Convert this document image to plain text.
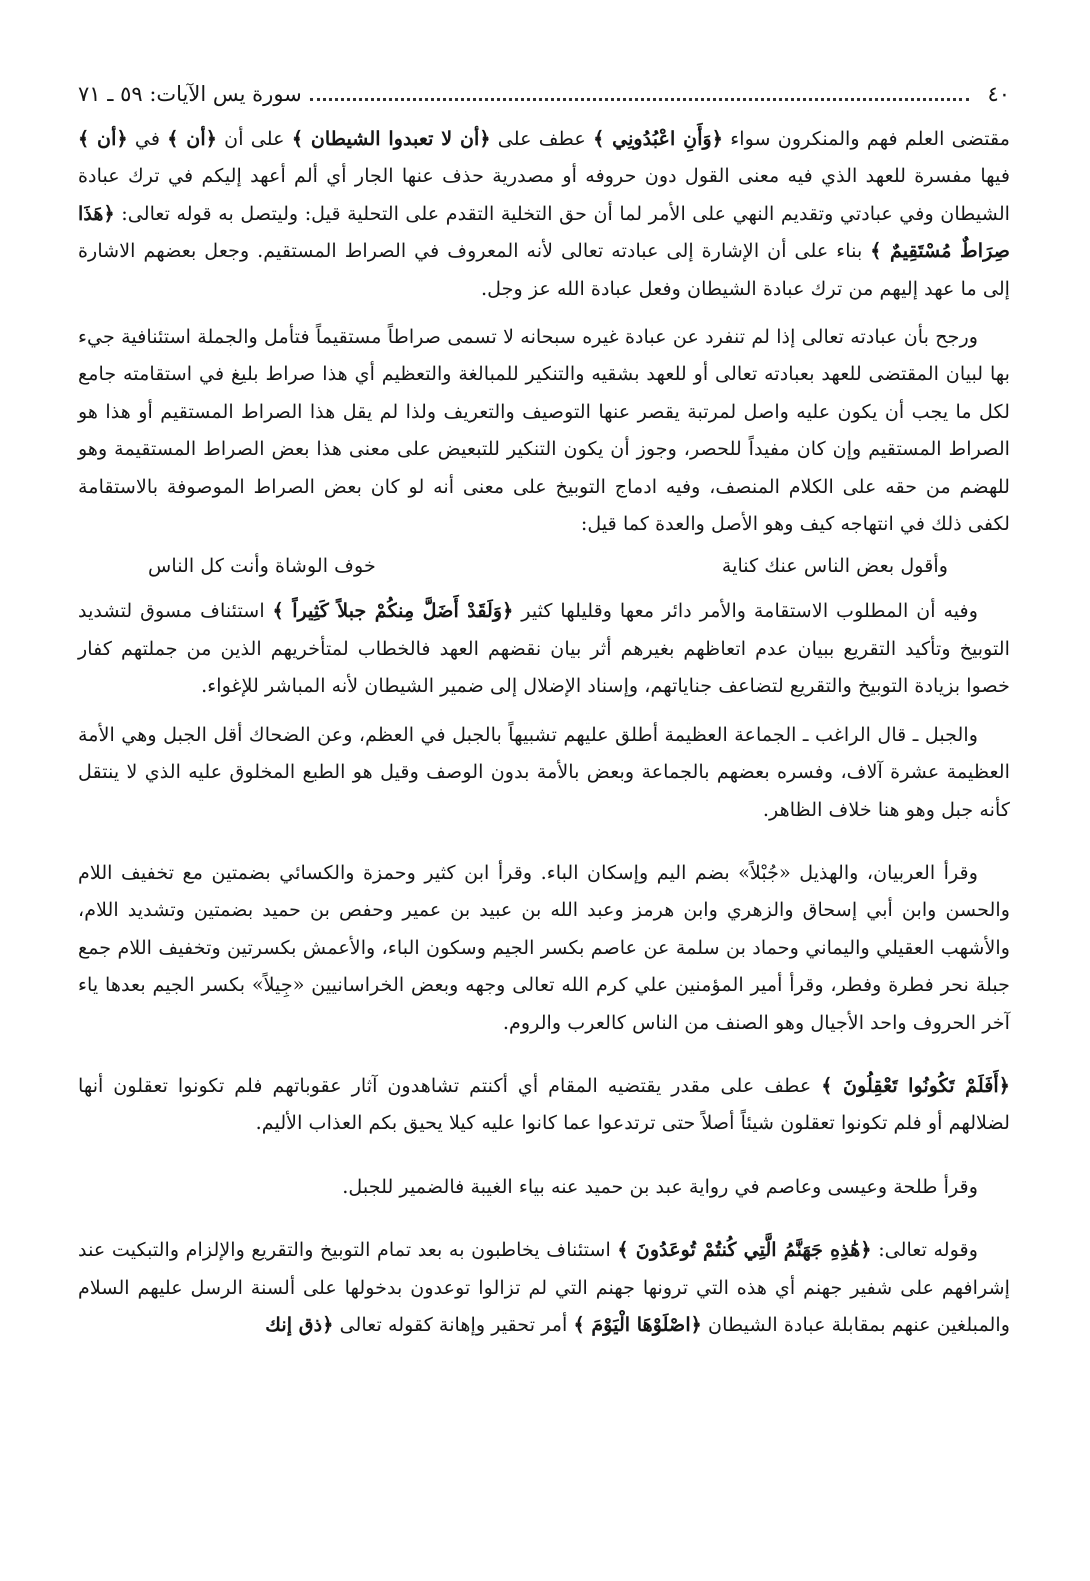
٤٠
سورة يس الآيات: ٥٩ ـ ٧١

مقتضى العلم فهم والمنكرون سواء ﴿وَأَنِ اعْبُدُونِي ﴾ عطف على ﴿أن لا تعبدوا الشيطان ﴾ على أن ﴿أن ﴾ في ﴿أن ﴾ فيها مفسرة للعهد الذي فيه معنى القول دون حروفه أو مصدرية حذف عنها الجار أي ألم أعهد إليكم في ترك عبادة الشيطان وفي عبادتي وتقديم النهي على الأمر لما أن حق التخلية التقدم على التحلية قيل: وليتصل به قوله تعالى: ﴿هَذَا صِرَاطٌ مُسْتَقِيمٌ ﴾ بناء على أن الإشارة إلى عبادته تعالى لأنه المعروف في الصراط المستقيم. وجعل بعضهم الاشارة إلى ما عهد إليهم من ترك عبادة الشيطان وفعل عبادة الله عز وجل.

ورجح بأن عبادته تعالى إذا لم تنفرد عن عبادة غيره سبحانه لا تسمى صراطاً مستقيماً فتأمل والجملة استئنافية جيء بها لبيان المقتضى للعهد بعبادته تعالى أو للعهد بشقيه والتنكير للمبالغة والتعظيم أي هذا صراط بليغ في استقامته جامع لكل ما يجب أن يكون عليه واصل لمرتبة يقصر عنها التوصيف والتعريف ولذا لم يقل هذا الصراط المستقيم أو هذا هو الصراط المستقيم وإن كان مفيداً للحصر، وجوز أن يكون التنكير للتبعيض على معنى هذا بعض الصراط المستقيمة وهو للهضم من حقه على الكلام المنصف، وفيه ادماج التوبيخ على معنى أنه لو كان بعض الصراط الموصوفة بالاستقامة لكفى ذلك في انتهاجه كيف وهو الأصل والعدة كما قيل:

وأقول بعض الناس عنك كناية
خوف الوشاة وأنت كل الناس

وفيه أن المطلوب الاستقامة والأمر دائر معها وقليلها كثير ﴿وَلَقَدْ أَضَلَّ مِنكُمْ جبلاً كَثِيراً ﴾ استئناف مسوق لتشديد التوبيخ وتأكيد التقريع ببيان عدم اتعاظهم بغيرهم أثر بيان نقضهم العهد فالخطاب لمتأخريهم الذين من جملتهم كفار خصوا بزيادة التوبيخ والتقريع لتضاعف جناياتهم، وإسناد الإضلال إلى ضمير الشيطان لأنه المباشر للإغواء.

والجبل ـ قال الراغب ـ الجماعة العظيمة أطلق عليهم تشبيهاً بالجبل في العظم، وعن الضحاك أقل الجبل وهي الأمة العظيمة عشرة آلاف، وفسره بعضهم بالجماعة وبعض بالأمة بدون الوصف وقيل هو الطبع المخلوق عليه الذي لا ينتقل كأنه جبل وهو هنا خلاف الظاهر.

وقرأ العربيان، والهذيل «جُبْلاً» بضم اليم وإسكان الباء. وقرأ ابن كثير وحمزة والكسائي بضمتين مع تخفيف اللام والحسن وابن أبي إسحاق والزهري وابن هرمز وعبد الله بن عبيد بن عمير وحفص بن حميد بضمتين وتشديد اللام، والأشهب العقيلي واليماني وحماد بن سلمة عن عاصم بكسر الجيم وسكون الباء، والأعمش بكسرتين وتخفيف اللام جمع جبلة نحر فطرة وفطر، وقرأ أمير المؤمنين علي كرم الله تعالى وجهه وبعض الخراسانيين «جِيلاً» بكسر الجيم بعدها ياء آخر الحروف واحد الأجيال وهو الصنف من الناس كالعرب والروم.

﴿أَفَلَمْ تَكُونُوا تَعْقِلُونَ ﴾ عطف على مقدر يقتضيه المقام أي أكنتم تشاهدون آثار عقوباتهم فلم تكونوا تعقلون أنها لضلالهم أو فلم تكونوا تعقلون شيئاً أصلاً حتى ترتدعوا عما كانوا عليه كيلا يحيق بكم العذاب الأليم.

وقرأ طلحة وعيسى وعاصم في رواية عبد بن حميد عنه بياء الغيبة فالضمير للجبل.

وقوله تعالى: ﴿هَٰذِهِ جَهَنَّمُ الَّتِي كُنتُمْ تُوعَدُونَ ﴾ استئناف يخاطبون به بعد تمام التوبيخ والتقريع والإلزام والتبكيت عند إشرافهم على شفير جهنم أي هذه التي ترونها جهنم التي لم تزالوا توعدون بدخولها على ألسنة الرسل عليهم السلام والمبلغين عنهم بمقابلة عبادة الشيطان ﴿اصْلَوْهَا الْيَوْمَ ﴾ أمر تحقير وإهانة كقوله تعالى ﴿ذق إنك
